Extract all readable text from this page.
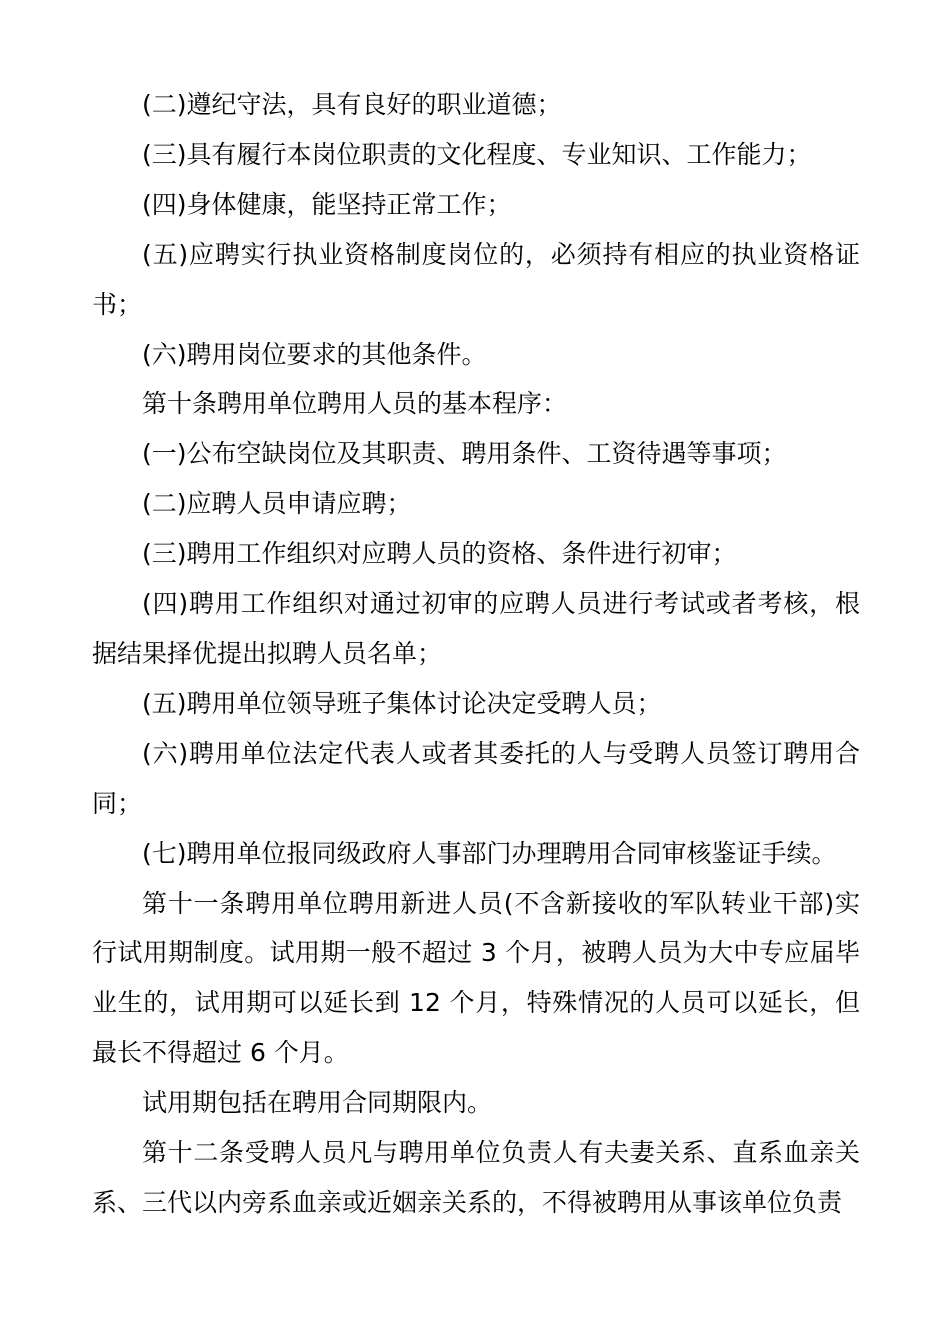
(二)遵纪守法，具有良好的职业道德；

(三)具有履行本岗位职责的文化程度、专业知识、工作能力；

(四)身体健康，能坚持正常工作；

(五)应聘实行执业资格制度岗位的，必须持有相应的执业资格证书；

(六)聘用岗位要求的其他条件。

第十条聘用单位聘用人员的基本程序：

(一)公布空缺岗位及其职责、聘用条件、工资待遇等事项；

(二)应聘人员申请应聘；

(三)聘用工作组织对应聘人员的资格、条件进行初审；

(四)聘用工作组织对通过初审的应聘人员进行考试或者考核，根据结果择优提出拟聘人员名单；

(五)聘用单位领导班子集体讨论决定受聘人员；

(六)聘用单位法定代表人或者其委托的人与受聘人员签订聘用合同；

(七)聘用单位报同级政府人事部门办理聘用合同审核鉴证手续。

第十一条聘用单位聘用新进人员(不含新接收的军队转业干部)实行试用期制度。试用期一般不超过 3 个月，被聘人员为大中专应届毕业生的，试用期可以延长到 12 个月，特殊情况的人员可以延长，但最长不得超过 6 个月。

试用期包括在聘用合同期限内。

第十二条受聘人员凡与聘用单位负责人有夫妻关系、直系血亲关系、三代以内旁系血亲或近姻亲关系的，不得被聘用从事该单位负责
